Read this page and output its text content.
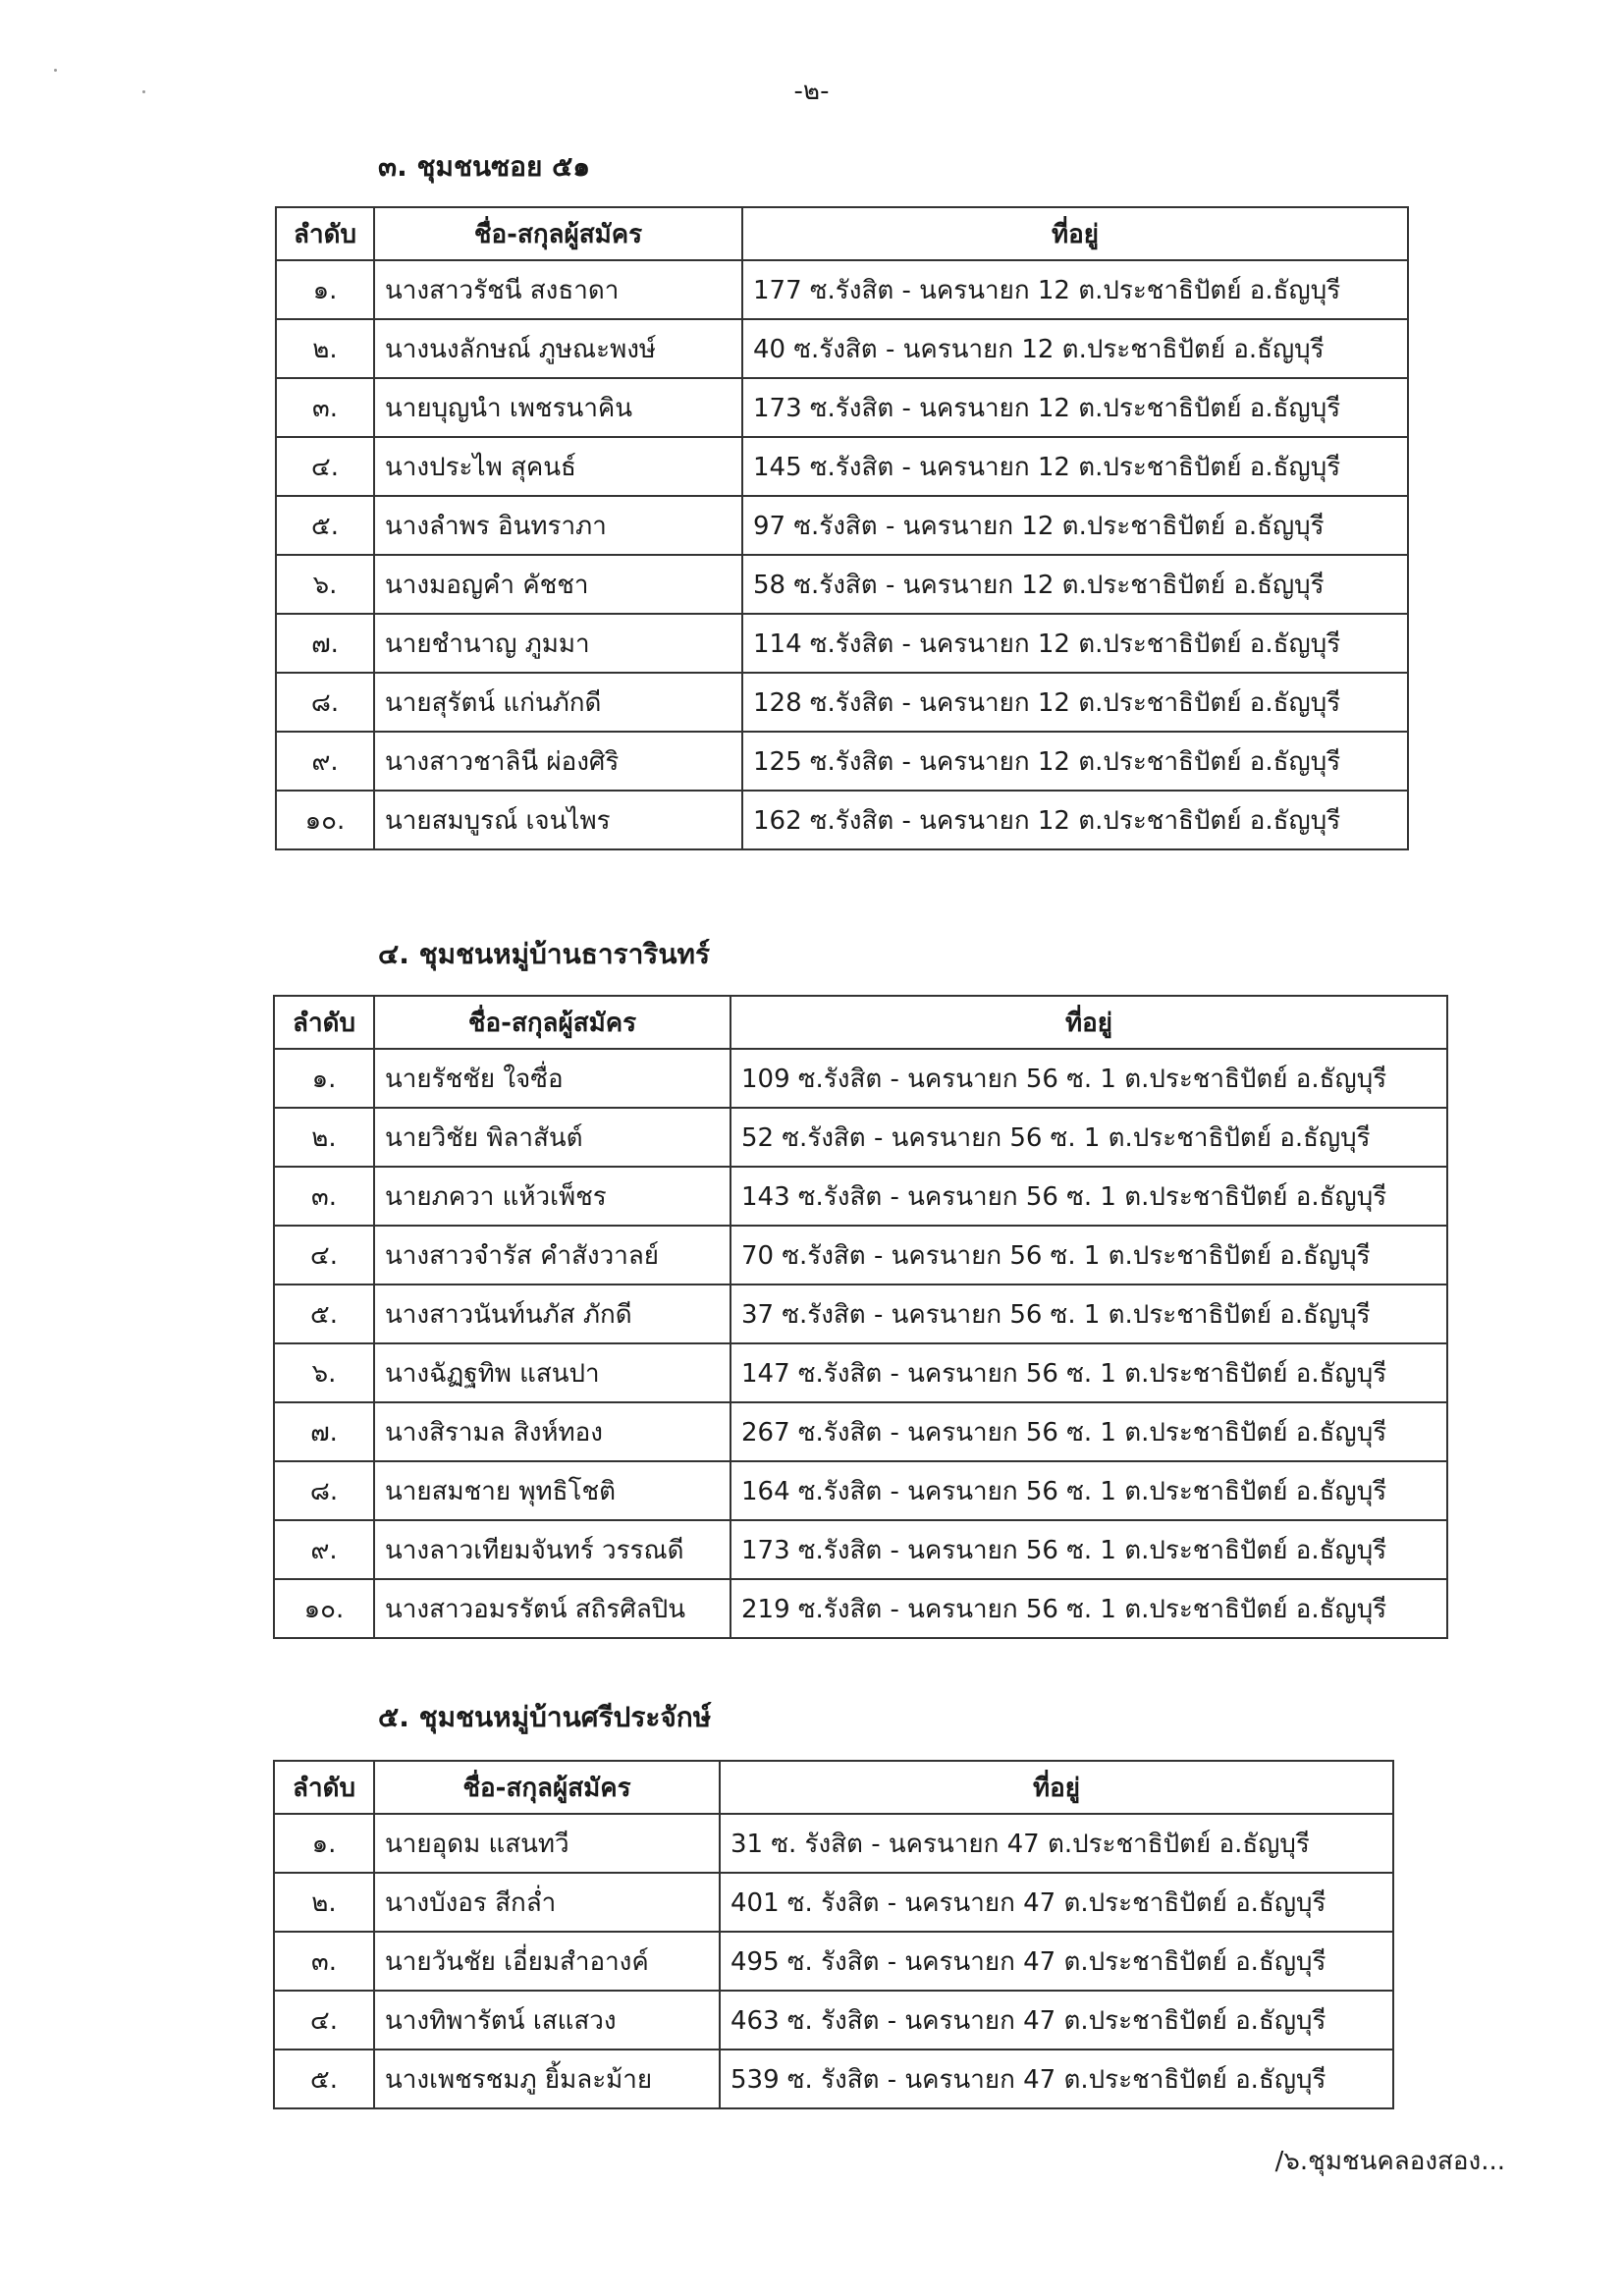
-๒-
๓. ชุมชนซอย ๕๑
ลำดับ	ชื่อ-สกุลผู้สมัคร	ที่อยู่
๑.	นางสาวรัชนี สงธาดา	177 ซ.รังสิต - นครนายก 12 ต.ประชาธิปัตย์ อ.ธัญบุรี
๒.	นางนงลักษณ์ ภูษณะพงษ์	40 ซ.รังสิต - นครนายก 12 ต.ประชาธิปัตย์ อ.ธัญบุรี
๓.	นายบุญนำ เพชรนาคิน	173 ซ.รังสิต - นครนายก 12 ต.ประชาธิปัตย์ อ.ธัญบุรี
๔.	นางประไพ สุคนธ์	145 ซ.รังสิต - นครนายก 12 ต.ประชาธิปัตย์ อ.ธัญบุรี
๕.	นางลำพร อินทราภา	97 ซ.รังสิต - นครนายก 12 ต.ประชาธิปัตย์ อ.ธัญบุรี
๖.	นางมอญคำ คัชชา	58 ซ.รังสิต - นครนายก 12 ต.ประชาธิปัตย์ อ.ธัญบุรี
๗.	นายชำนาญ ภูมมา	114 ซ.รังสิต - นครนายก 12 ต.ประชาธิปัตย์ อ.ธัญบุรี
๘.	นายสุรัตน์ แก่นภักดี	128 ซ.รังสิต - นครนายก 12 ต.ประชาธิปัตย์ อ.ธัญบุรี
๙.	นางสาวชาลินี ผ่องศิริ	125 ซ.รังสิต - นครนายก 12 ต.ประชาธิปัตย์ อ.ธัญบุรี
๑๐.	นายสมบูรณ์ เจนไพร	162 ซ.รังสิต - นครนายก 12 ต.ประชาธิปัตย์ อ.ธัญบุรี
๔. ชุมชนหมู่บ้านธารารินทร์
ลำดับ	ชื่อ-สกุลผู้สมัคร	ที่อยู่
๑.	นายรัชชัย ใจซื่อ	109 ซ.รังสิต - นครนายก 56 ซ. 1 ต.ประชาธิปัตย์ อ.ธัญบุรี
๒.	นายวิชัย พิลาสันต์	52 ซ.รังสิต - นครนายก 56 ซ. 1 ต.ประชาธิปัตย์ อ.ธัญบุรี
๓.	นายภควา แห้วเพ็ชร	143 ซ.รังสิต - นครนายก 56 ซ. 1 ต.ประชาธิปัตย์ อ.ธัญบุรี
๔.	นางสาวจำรัส คำสังวาลย์	70 ซ.รังสิต - นครนายก 56 ซ. 1 ต.ประชาธิปัตย์ อ.ธัญบุรี
๕.	นางสาวนันท์นภัส ภักดี	37 ซ.รังสิต - นครนายก 56 ซ. 1 ต.ประชาธิปัตย์ อ.ธัญบุรี
๖.	นางฉัฏฐทิพ แสนปา	147 ซ.รังสิต - นครนายก 56 ซ. 1 ต.ประชาธิปัตย์ อ.ธัญบุรี
๗.	นางสิรามล สิงห์ทอง	267 ซ.รังสิต - นครนายก 56 ซ. 1 ต.ประชาธิปัตย์ อ.ธัญบุรี
๘.	นายสมชาย พุทธิโชติ	164 ซ.รังสิต - นครนายก 56 ซ. 1 ต.ประชาธิปัตย์ อ.ธัญบุรี
๙.	นางลาวเทียมจันทร์ วรรณดี	173 ซ.รังสิต - นครนายก 56 ซ. 1 ต.ประชาธิปัตย์ อ.ธัญบุรี
๑๐.	นางสาวอมรรัตน์ สถิรศิลปิน	219 ซ.รังสิต - นครนายก 56 ซ. 1 ต.ประชาธิปัตย์ อ.ธัญบุรี
๕. ชุมชนหมู่บ้านศรีประจักษ์
ลำดับ	ชื่อ-สกุลผู้สมัคร	ที่อยู่
๑.	นายอุดม แสนทวี	31 ซ. รังสิต - นครนายก 47 ต.ประชาธิปัตย์ อ.ธัญบุรี
๒.	นางบังอร สีกล่ำ	401 ซ. รังสิต - นครนายก 47 ต.ประชาธิปัตย์ อ.ธัญบุรี
๓.	นายวันชัย เอี่ยมสำอางค์	495 ซ. รังสิต - นครนายก 47 ต.ประชาธิปัตย์ อ.ธัญบุรี
๔.	นางทิพารัตน์ เสแสวง	463 ซ. รังสิต - นครนายก 47 ต.ประชาธิปัตย์ อ.ธัญบุรี
๕.	นางเพชรชมภู ยิ้มละม้าย	539 ซ. รังสิต - นครนายก 47 ต.ประชาธิปัตย์ อ.ธัญบุรี
/๖.ชุมชนคลองสอง...
